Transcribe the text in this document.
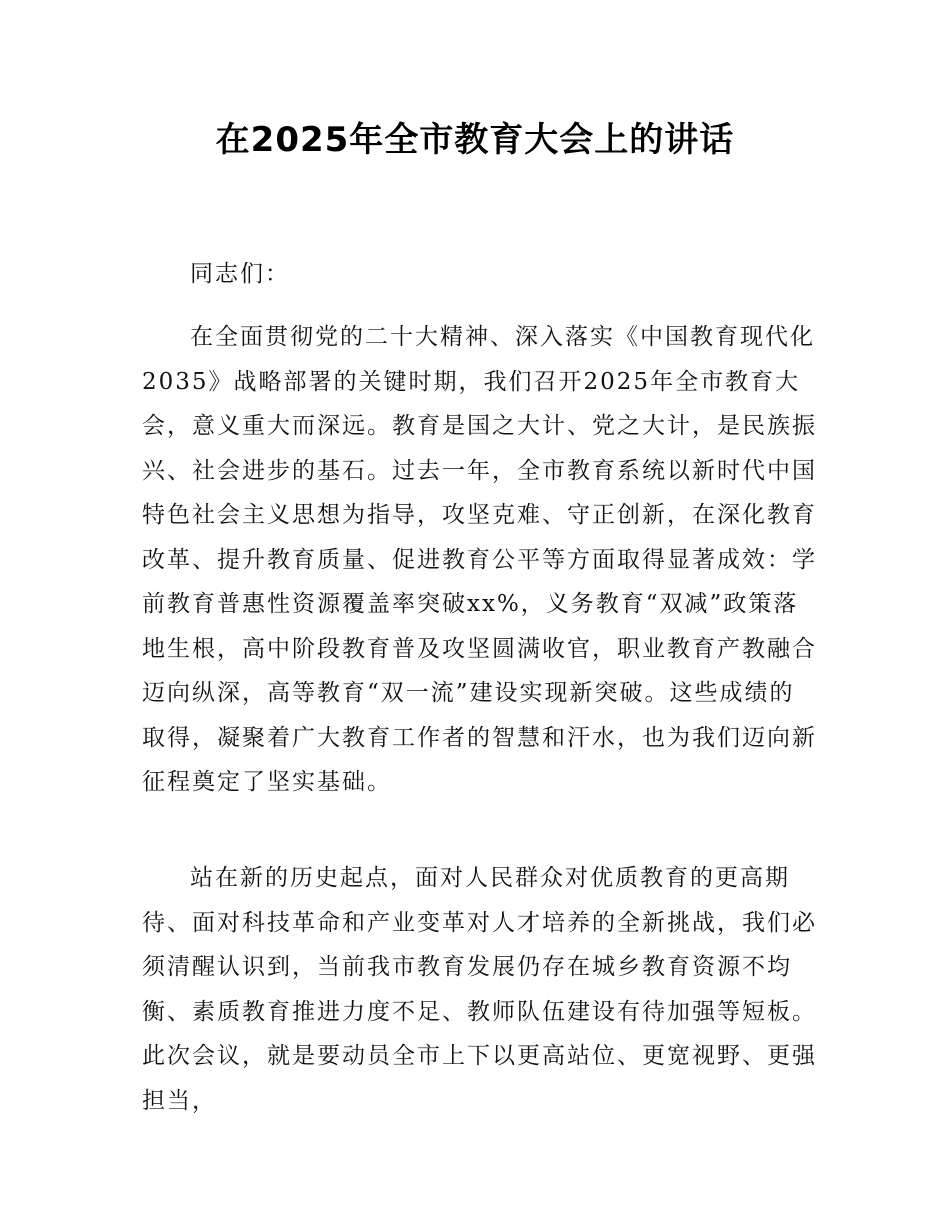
在2025年全市教育大会上的讲话

同志们：

在全面贯彻党的二十大精神、深入落实《中国教育现代化2035》战略部署的关键时期，我们召开2025年全市教育大会，意义重大而深远。教育是国之大计、党之大计，是民族振兴、社会进步的基石。过去一年，全市教育系统以新时代中国特色社会主义思想为指导，攻坚克难、守正创新，在深化教育改革、提升教育质量、促进教育公平等方面取得显著成效：学前教育普惠性资源覆盖率突破xx%，义务教育“双减”政策落地生根，高中阶段教育普及攻坚圆满收官，职业教育产教融合迈向纵深，高等教育“双一流”建设实现新突破。这些成绩的取得，凝聚着广大教育工作者的智慧和汗水，也为我们迈向新征程奠定了坚实基础。

站在新的历史起点，面对人民群众对优质教育的更高期待、面对科技革命和产业变革对人才培养的全新挑战，我们必须清醒认识到，当前我市教育发展仍存在城乡教育资源不均衡、素质教育推进力度不足、教师队伍建设有待加强等短板。此次会议，就是要动员全市上下以更高站位、更宽视野、更强担当，
